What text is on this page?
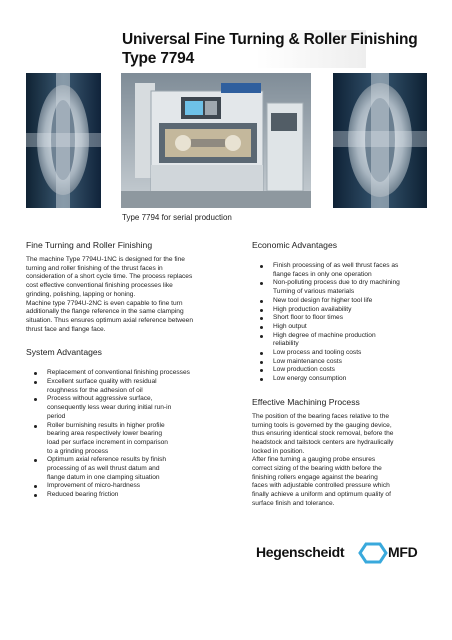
Universal Fine Turning & Roller Finishing
Type 7794
Type 7794 for serial production
Fine Turning and Roller Finishing
The machine Type 7794U-1NC is designed for the fine
turning and roller finishing of the thrust faces in
consideration of a short cycle time. The process replaces
cost effective conventional finishing processes like
grinding, polishing, lapping or honing.
Machine type 7794U-2NC is even capable to fine turn
additionally the flange reference in the same clamping
situation. Thus ensures optimum axial reference between
thrust face and flange face.
System Advantages
Replacement of conventional finishing processes
Excellent surface quality with residual
roughness for the adhesion of oil
Process without aggressive surface,
consequently less wear during initial run-in
period
Roller burnishing results in higher profile
bearing area respectively lower bearing
load per surface increment in comparison
to a grinding process
Optimum axial reference results by finish
processing of as well thrust datum and
flange datum in one clamping situation
Improvement of micro-hardness
Reduced bearing friction
Economic Advantages
Finish processing of as well thrust faces as
flange faces in only one operation
Non-polluting process due to dry machining
Turning of various materials
New tool design for higher tool life
High production availability
Short floor to floor times
High output
High degree of machine production
reliability
Low process and tooling costs
Low maintenance costs
Low production costs
Low energy consumption
Effective Machining Process
The position of the bearing faces relative to the
turning tools is governed by the gauging device,
thus ensuring identical stock removal, before the
headstock and tailstock centers are hydraulically
locked in position.
After fine turning a gauging probe ensures
correct sizing of the bearing width before the
finishing rollers engage against the bearing
faces with adjustable controlled pressure which
finally achieve a uniform and optimum quality of
surface finish and tolerance.
Hegenscheidt	MFD
